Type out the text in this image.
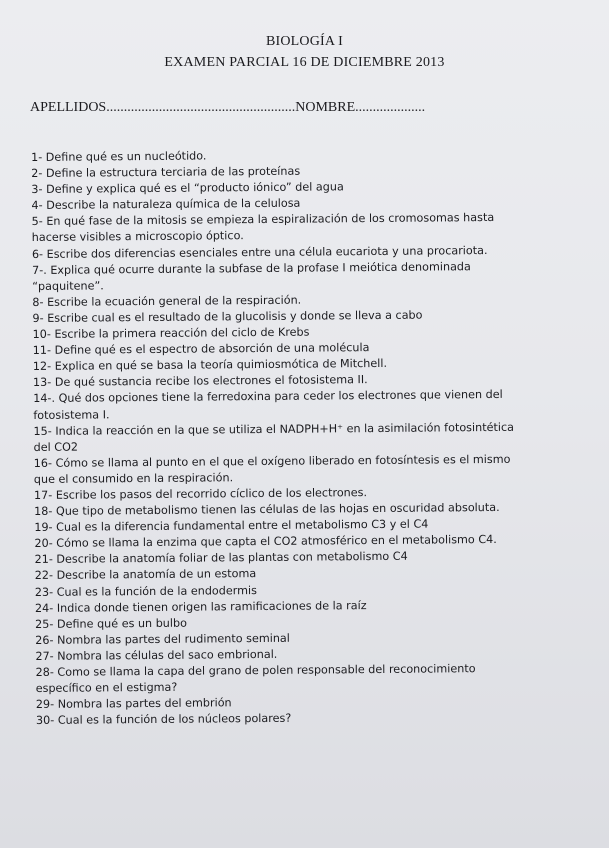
BIOLOGÍA I
EXAMEN PARCIAL 16 DE DICIEMBRE 2013
APELLIDOS......................................................NOMBRE....................
1- Define qué es un nucleótido.
2- Define la estructura terciaria de las proteínas
3- Define y explica qué es el “producto iónico” del agua
4- Describe la naturaleza química de la celulosa
5- En qué fase de la mitosis se empieza la espiralización de los cromosomas hasta
hacerse visibles a microscopio óptico.
6- Escribe dos diferencias esenciales entre una célula eucariota y una procariota.
7-. Explica qué ocurre durante la subfase de la profase I meiótica denominada
“paquitene”.
8- Escribe la ecuación general de la respiración.
9- Escribe cual es el resultado de la glucolisis y donde se lleva a cabo
10- Escribe la primera reacción del ciclo de Krebs
11- Define qué es el espectro de absorción de una molécula
12- Explica en qué se basa la teoría quimiosmótica de Mitchell.
13- De qué sustancia recibe los electrones el fotosistema II.
14-. Qué dos opciones tiene la ferredoxina para ceder los electrones que vienen del
fotosistema I.
15- Indica la reacción en la que se utiliza el NADPH+H⁺ en la asimilación fotosintética
del CO2
16- Cómo se llama al punto en el que el oxígeno liberado en fotosíntesis es el mismo
que el consumido en la respiración.
17- Escribe los pasos del recorrido cíclico de los electrones.
18- Que tipo de metabolismo tienen las células de las hojas en oscuridad absoluta.
19- Cual es la diferencia fundamental entre el metabolismo C3 y el C4
20- Cómo se llama la enzima que capta el CO2 atmosférico en el metabolismo C4.
21- Describe la anatomía foliar de las plantas con metabolismo C4
22- Describe la anatomía de un estoma
23- Cual es la función de la endodermis
24- Indica donde tienen origen las ramificaciones de la raíz
25- Define qué es un bulbo
26- Nombra las partes del rudimento seminal
27- Nombra las células del saco embrional.
28- Como se llama la capa del grano de polen responsable del reconocimiento
específico en el estigma?
29- Nombra las partes del embrión
30- Cual es la función de los núcleos polares?
